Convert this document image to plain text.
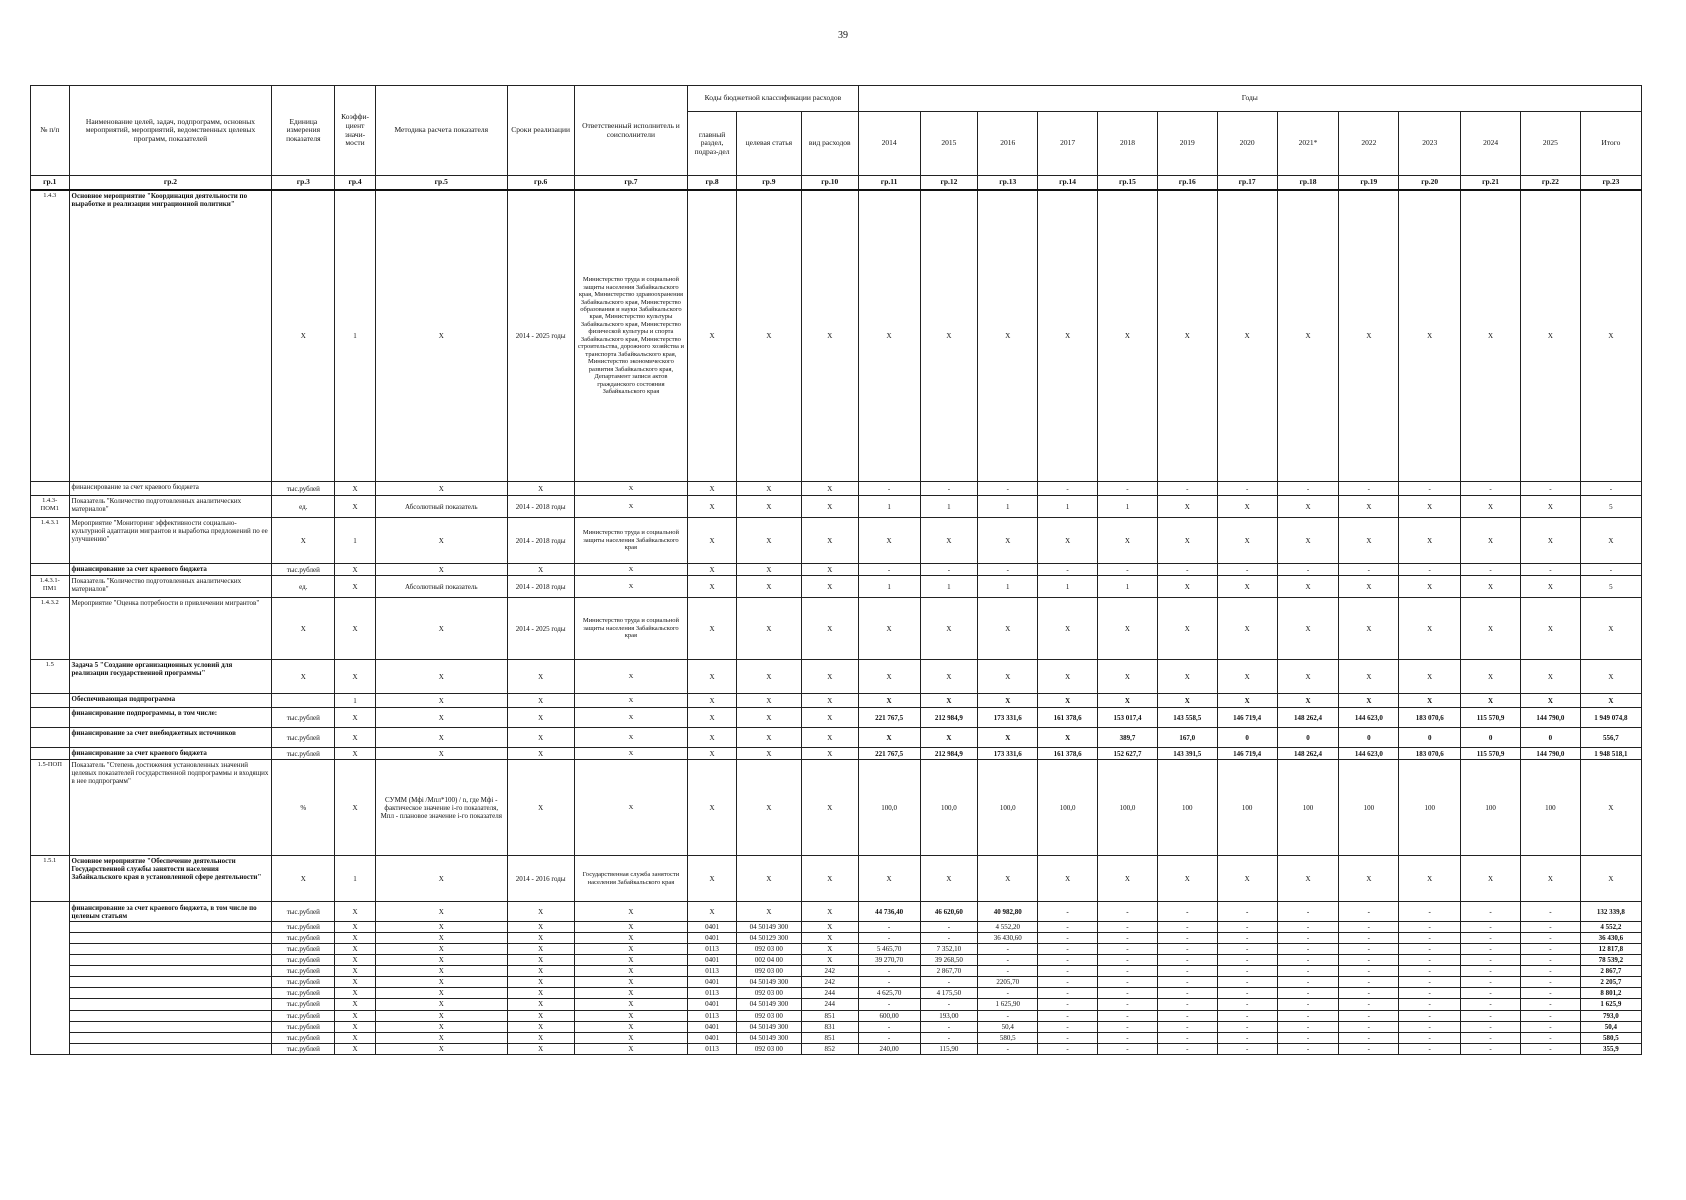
39
№ п/п	Наименование целей, задач, подпрограмм, основных мероприятий, мероприятий, ведомственных целевых программ, показателей	Единица измерения показателя	Коэффи-циент значи-мости	Методика расчета показателя	Сроки реализации	Ответственный исполнитель и соисполнители	Коды бюджетной классификации расходов			Годы												
							главный раздел, подраз-дел	целевая статья	вид расходов	2014	2015	2016	2017	2018	2019	2020	2021*	2022	2023	2024	2025	Итого
гр.1	гр.2	гр.3	гр.4	гр.5	гр.6	гр.7	гр.8	гр.9	гр.10	гр.11	гр.12	гр.13	гр.14	гр.15	гр.16	гр.17	гр.18	гр.19	гр.20	гр.21	гр.22	гр.23
1.4.3	Основное мероприятие "Координация деятельности по выработке и реализации миграционной политики"	X	1	X	2014 - 2025 годы	Министерство труда и социальной защиты населения Забайкальского края, Министерство здравоохранения Забайкальского края, Министерство образования и науки Забайкальского края, Министерство культуры Забайкальского края, Министерство физической культуры и спорта Забайкальского края, Министерство строительства, дорожного хозяйства и транспорта Забайкальского края, Министерство экономического развития Забайкальского края, Департамент записи актов гражданского состояния Забайкальского края	X	X	X	X	X	X	X	X	X	X	X	X	X	X	X	X
	финансирование за счет краевого бюджета	тыс.рублей	X	X	X	X	X	X	X	-	-	-	-	-	-	-	-	-	-	-	-	-
1.4.3-ПОМ1	Показатель "Количество подготовленных аналитических материалов"	ед.	X	Абсолютный показатель	2014 - 2018 годы	X	X	X	X	1	1	1	1	1	X	X	X	X	X	X	X	5
1.4.3.1	Мероприятие "Мониторинг эффективности социально-культурной адаптации мигрантов и выработка предложений по ее улучшению"	X	1	X	2014 - 2018 годы	Министерство труда и социальной защиты населения Забайкальского края	X	X	X	X	X	X	X	X	X	X	X	X	X	X	X	X
	финансирование за счет краевого бюджета	тыс.рублей	X	X	X	X	X	X	X	-	-	-	-	-	-	-	-	-	-	-	-	-
1.4.3.1-ПМ1	Показатель "Количество подготовленных аналитических материалов"	ед.	X	Абсолютный показатель	2014 - 2018 годы	X	X	X	X	1	1	1	1	1	X	X	X	X	X	X	X	5
1.4.3.2	Мероприятие "Оценка потребности в привлечении мигрантов"	X	X	X	2014 - 2025 годы	Министерство труда и социальной защиты населения Забайкальского края	X	X	X	X	X	X	X	X	X	X	X	X	X	X	X	X
1.5	Задача 5 "Создание организационных условий для реализации государственной программы"	X	X	X	X	X	X	X	X	X	X	X	X	X	X	X	X	X	X	X	X	X
	Обеспечивающая подпрограмма		1	X	X	X	X	X	X	X	X	X	X	X	X	X	X	X	X	X	X	X
	финансирование подпрограммы, в том числе:	тыс.рублей	X	X	X	X	X	X	X	221 767,5	212 984,9	173 331,6	161 378,6	153 017,4	143 558,5	146 719,4	148 262,4	144 623,0	183 070,6	115 570,9	144 790,0	1 949 074,8
	финансирование за счет внебюджетных источников	тыс.рублей	X	X	X	X	X	X	X	X	X	X	X	389,7	167,0	0	0	0	0	0	0	556,7
	финансирование за счет краевого бюджета	тыс.рублей	X	X	X	X	X	X	X	221 767,5	212 984,9	173 331,6	161 378,6	152 627,7	143 391,5	146 719,4	148 262,4	144 623,0	183 070,6	115 570,9	144 790,0	1 948 518,1
1.5-ПОП	Показатель "Степень достижения установленных значений целевых показателей государственной подпрограммы и входящих в нее подпрограмм"	%	X	СУММ (Мфi /Мпл*100) / n, где Мфi - фактическое значение i-го показателя, Мпл - плановое значение i-го показателя	X	X	X	X	X	100,0	100,0	100,0	100,0	100,0	100	100	100	100	100	100	100	X
1.5.1	Основное мероприятие "Обеспечение деятельности Государственной службы занятости населения Забайкальского края в установленной сфере деятельности"	X	1	X	2014 - 2016 годы	Государственная служба занятости населения Забайкальского края	X	X	X	X	X	X	X	X	X	X	X	X	X	X	X	X
	финансирование за счет краевого бюджета, в том числе по целевым статьям	тыс.рублей	X	X	X	X	X	X	X	44 736,40	46 620,60	40 982,80	-	-	-	-	-	-	-	-	-	132 339,8
		тыс.рублей	X	X	X	X	0401	04 50149 300	X	-	-	4 552,20	-	-	-	-	-	-	-	-	-	4 552,2
		тыс.рублей	X	X	X	X	0401	04 50129 300	X	-	-	36 430,60	-	-	-	-	-	-	-	-	-	36 430,6
		тыс.рублей	X	X	X	X	0113	092 03 00	X	5 465,70	7 352,10	-	-	-	-	-	-	-	-	-	-	12 817,8
		тыс.рублей	X	X	X	X	0401	002 04 00	X	39 270,70	39 268,50	-	-	-	-	-	-	-	-	-	-	78 539,2
		тыс.рублей	X	X	X	X	0113	092 03 00	242	-	2 867,70	-	-	-	-	-	-	-	-	-	-	2 867,7
		тыс.рублей	X	X	X	X	0401	04 50149 300	242	-	-	2205,70	-	-	-	-	-	-	-	-	-	2 205,7
		тыс.рублей	X	X	X	X	0113	092 03 00	244	4 625,70	4 175,50	-	-	-	-	-	-	-	-	-	-	8 801,2
		тыс.рублей	X	X	X	X	0401	04 50149 300	244	-	-	1 625,90	-	-	-	-	-	-	-	-	-	1 625,9
		тыс.рублей	X	X	X	X	0113	092 03 00	851	600,00	193,00	-	-	-	-	-	-	-	-	-	-	793,0
		тыс.рублей	X	X	X	X	0401	04 50149 300	831	-	-	50,4	-	-	-	-	-	-	-	-	-	50,4
		тыс.рублей	X	X	X	X	0401	04 50149 300	851	-	-	580,5	-	-	-	-	-	-	-	-	-	580,5
		тыс.рублей	X	X	X	X	0113	092 03 00	852	240,00	115,90	-	-	-	-	-	-	-	-	-	-	355,9
